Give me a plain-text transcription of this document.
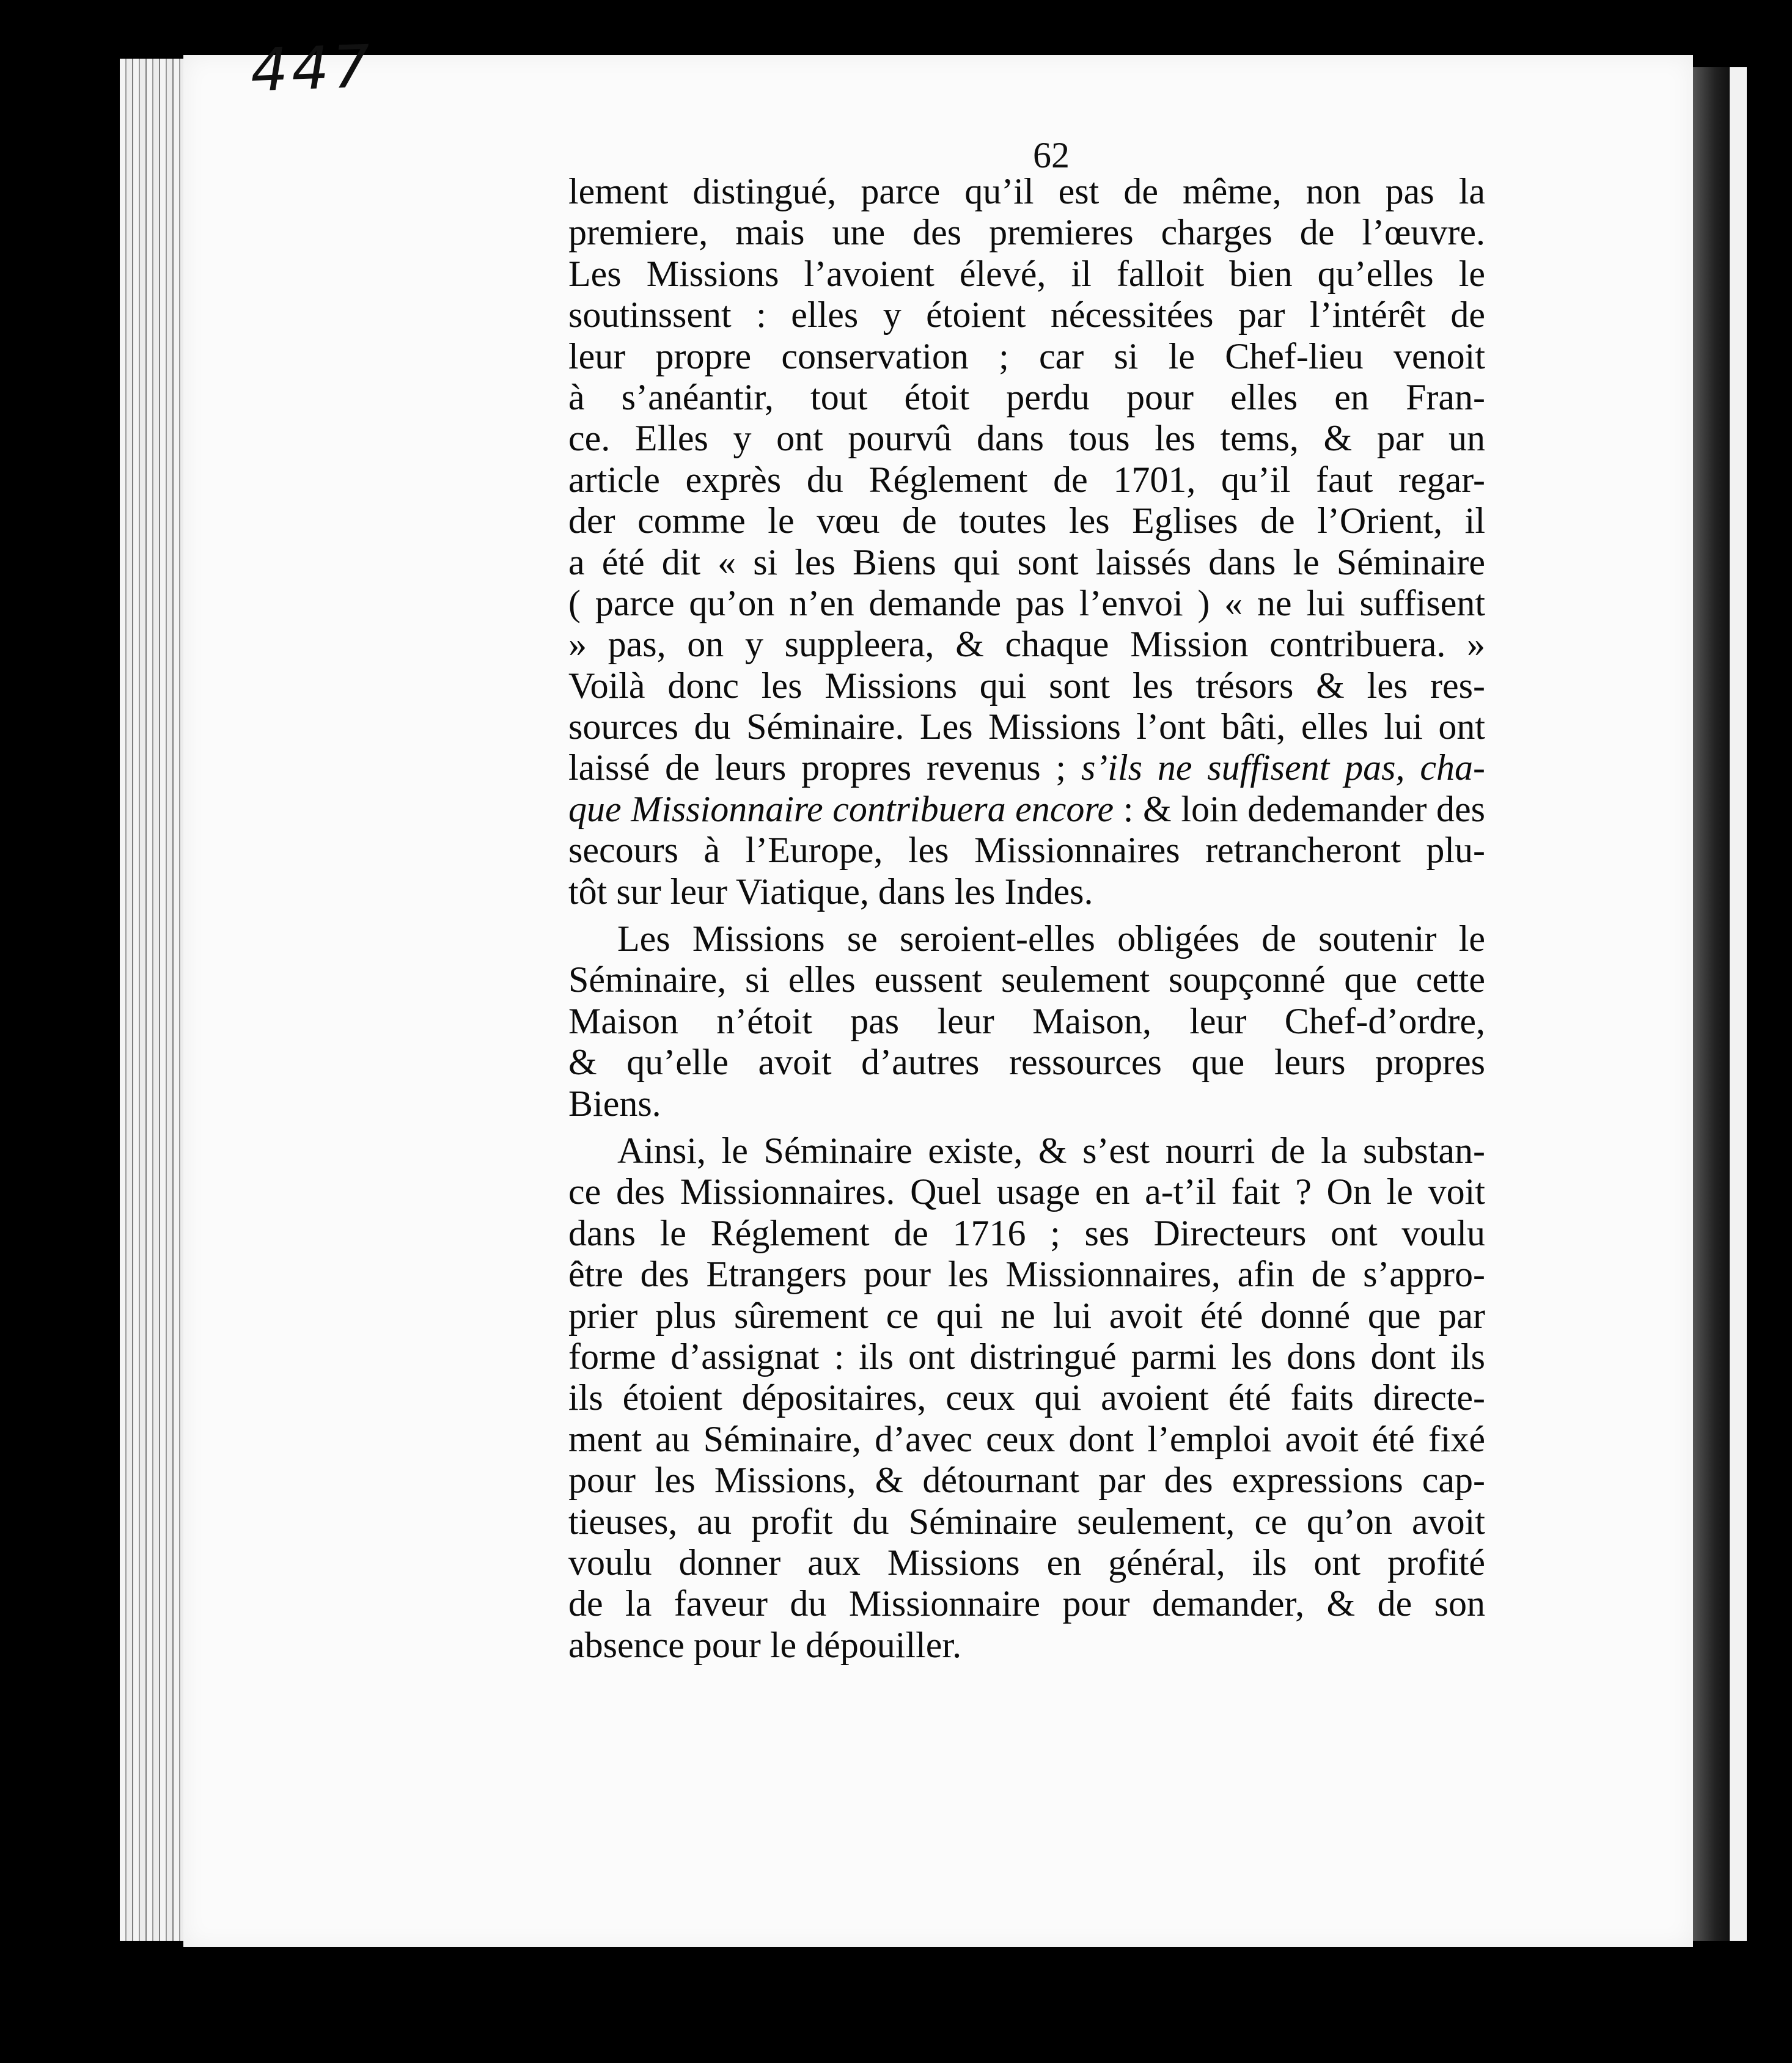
447
62
lement distingué, parce qu’il est de même, non pas la
premiere, mais une des premieres charges de l’œuvre.
Les Missions l’avoient élevé, il falloit bien qu’elles le
soutinssent : elles y étoient nécessitées par l’intérêt de
leur propre conservation ; car si le Chef-lieu venoit
à s’anéantir, tout étoit perdu pour elles en Fran-
ce. Elles y ont pourvû dans tous les tems, & par un
article exprès du Réglement de 1701, qu’il faut regar-
der comme le vœu de toutes les Eglises de l’Orient, il
a été dit « si les Biens qui sont laissés dans le Séminaire
( parce qu’on n’en demande pas l’envoi ) « ne lui suffisent
» pas, on y suppleera, & chaque Mission contribuera. »
Voilà donc les Missions qui sont les trésors & les res-
sources du Séminaire. Les Missions l’ont bâti, elles lui ont
laissé de leurs propres revenus ; s’ils ne suffisent pas, cha-
que Missionnaire contribuera encore : & loin dedemander des
secours à l’Europe, les Missionnaires retrancheront plu-
tôt sur leur Viatique, dans les Indes.
Les Missions se seroient-elles obligées de soutenir le
Séminaire, si elles eussent seulement soupçonné que cette
Maison n’étoit pas leur Maison, leur Chef-d’ordre,
& qu’elle avoit d’autres ressources que leurs propres
Biens.
Ainsi, le Séminaire existe, & s’est nourri de la substan-
ce des Missionnaires. Quel usage en a-t’il fait ? On le voit
dans le Réglement de 1716 ; ses Directeurs ont voulu
être des Etrangers pour les Missionnaires, afin de s’appro-
prier plus sûrement ce qui ne lui avoit été donné que par
forme d’assignat : ils ont distringué parmi les dons dont ils
ils étoient dépositaires, ceux qui avoient été faits directe-
ment au Séminaire, d’avec ceux dont l’emploi avoit été fixé
pour les Missions, & détournant par des expressions cap-
tieuses, au profit du Séminaire seulement, ce qu’on avoit
voulu donner aux Missions en général, ils ont profité
de la faveur du Missionnaire pour demander, & de son
absence pour le dépouiller.
